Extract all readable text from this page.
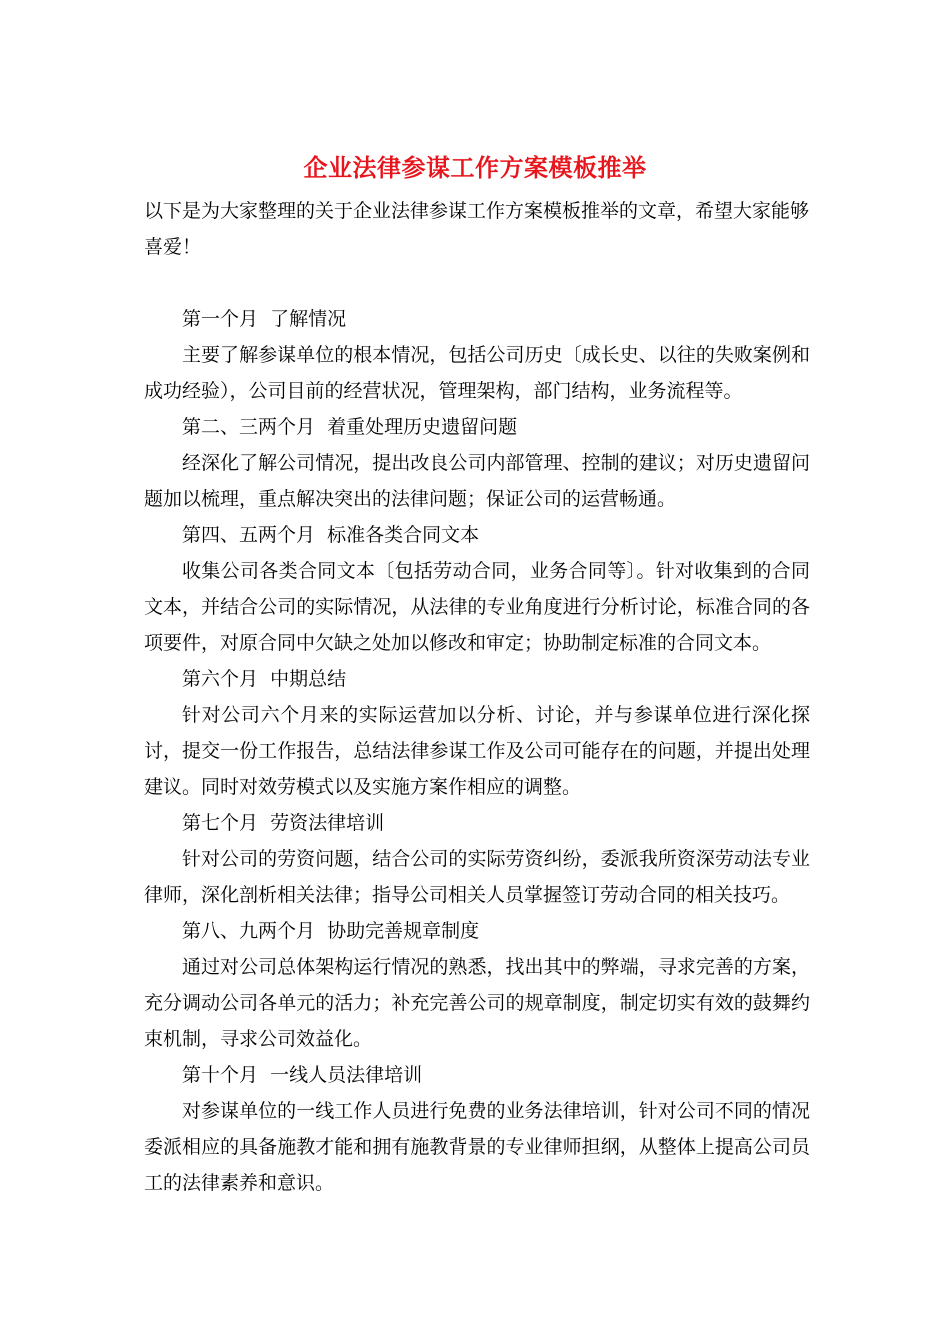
企业法律参谋工作方案模板推举

以下是为大家整理的关于企业法律参谋工作方案模板推举的文章，希望大家能够喜爱！

第一个月  了解情况

主要了解参谋单位的根本情况，包括公司历史〔成长史、以往的失败案例和成功经验），公司目前的经营状况，管理架构，部门结构，业务流程等。

第二、三两个月  着重处理历史遗留问题

经深化了解公司情况，提出改良公司内部管理、控制的建议；对历史遗留问题加以梳理，重点解决突出的法律问题；保证公司的运营畅通。

第四、五两个月  标准各类合同文本

收集公司各类合同文本〔包括劳动合同，业务合同等〕。针对收集到的合同文本，并结合公司的实际情况，从法律的专业角度进行分析讨论，标准合同的各项要件，对原合同中欠缺之处加以修改和审定；协助制定标准的合同文本。

第六个月  中期总结

针对公司六个月来的实际运营加以分析、讨论，并与参谋单位进行深化探讨，提交一份工作报告，总结法律参谋工作及公司可能存在的问题，并提出处理建议。同时对效劳模式以及实施方案作相应的调整。

第七个月  劳资法律培训

针对公司的劳资问题，结合公司的实际劳资纠纷，委派我所资深劳动法专业律师，深化剖析相关法律；指导公司相关人员掌握签订劳动合同的相关技巧。

第八、九两个月  协助完善规章制度

通过对公司总体架构运行情况的熟悉，找出其中的弊端，寻求完善的方案，充分调动公司各单元的活力；补充完善公司的规章制度，制定切实有效的鼓舞约束机制，寻求公司效益化。

第十个月  一线人员法律培训

对参谋单位的一线工作人员进行免费的业务法律培训，针对公司不同的情况委派相应的具备施教才能和拥有施教背景的专业律师担纲，从整体上提高公司员工的法律素养和意识。
